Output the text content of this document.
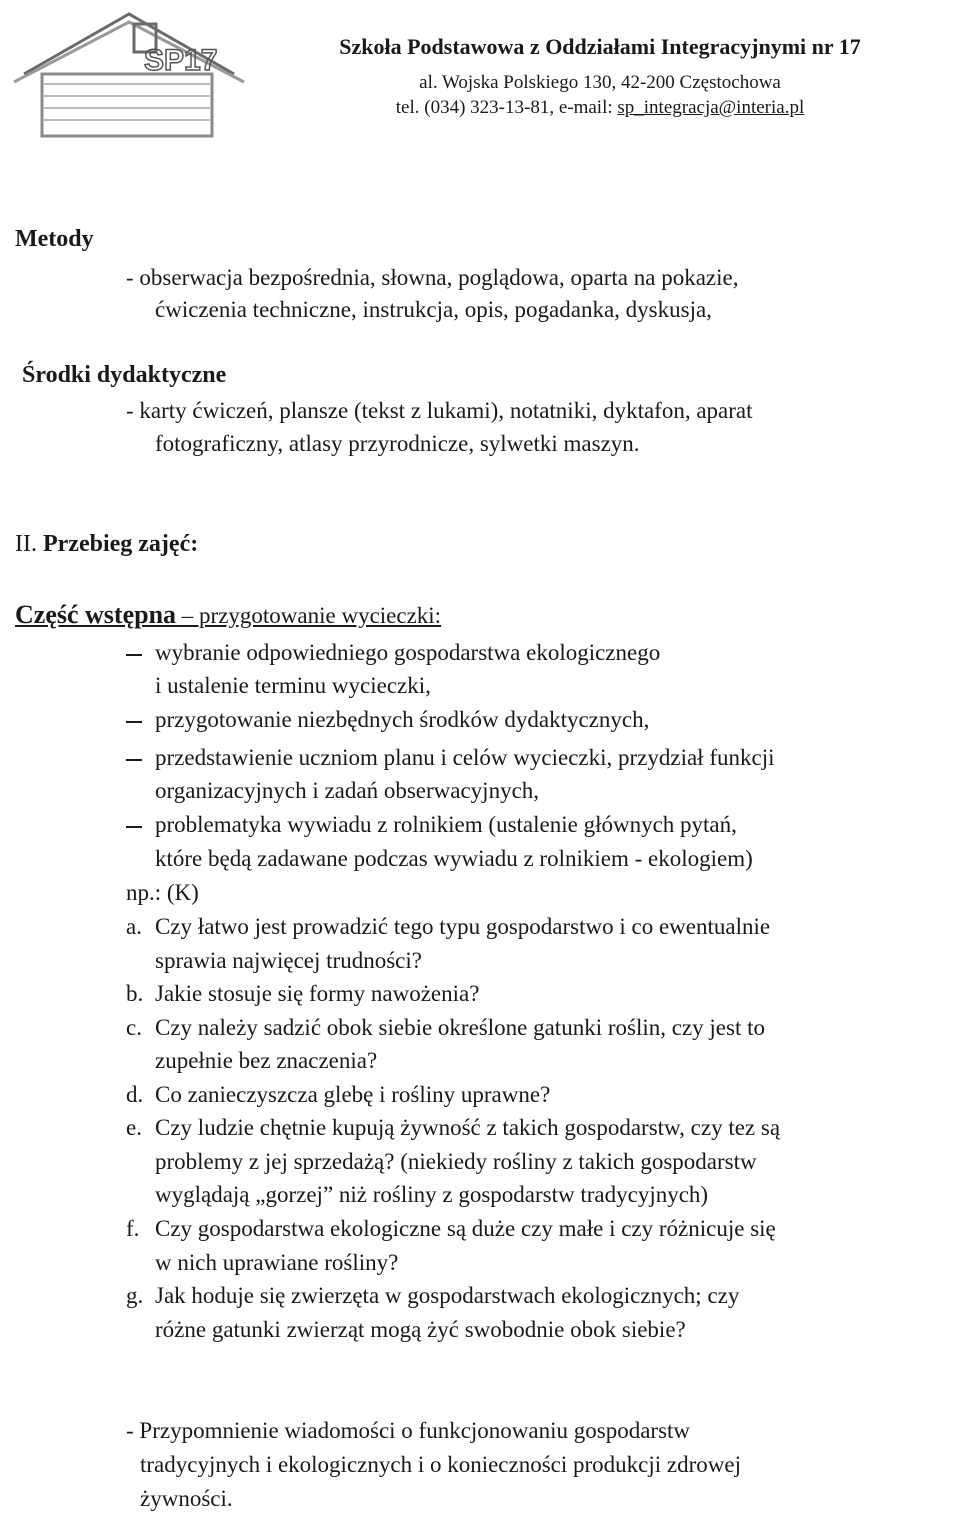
SP17	Szkoła Podstawowa z Oddziałami Integracyjnymi nr 17
al. Wojska Polskiego 130, 42-200 Częstochowa
tel. (034) 323-13-81, e-mail: sp_integracja@interia.pl
Metody
- obserwacja bezpośrednia, słowna, poglądowa, oparta na pokazie,
ćwiczenia techniczne, instrukcja, opis, pogadanka, dyskusja,
Środki dydaktyczne
- karty ćwiczeń, plansze (tekst z lukami), notatniki, dyktafon, aparat
fotograficzny, atlasy przyrodnicze, sylwetki maszyn.
II. Przebieg zajęć:
Część wstępna – przygotowanie wycieczki:
wybranie odpowiedniego gospodarstwa ekologicznego
i ustalenie terminu wycieczki,
przygotowanie niezbędnych środków dydaktycznych,
przedstawienie uczniom planu i celów wycieczki, przydział funkcji
organizacyjnych i zadań obserwacyjnych,
problematyka wywiadu z rolnikiem (ustalenie głównych pytań,
które będą zadawane podczas wywiadu z rolnikiem - ekologiem)
np.: (K)
a. Czy łatwo jest prowadzić tego typu gospodarstwo i co ewentualnie
sprawia najwięcej trudności?
b. Jakie stosuje się formy nawożenia?
c. Czy należy sadzić obok siebie określone gatunki roślin, czy jest to
zupełnie bez znaczenia?
d. Co zanieczyszcza glebę i rośliny uprawne?
e. Czy ludzie chętnie kupują żywność z takich gospodarstw, czy tez są
problemy z jej sprzedażą? (niekiedy rośliny z takich gospodarstw
wyglądają „gorzej” niż rośliny z gospodarstw tradycyjnych)
f. Czy gospodarstwa ekologiczne są duże czy małe i czy różnicuje się
w nich uprawiane rośliny?
g. Jak hoduje się zwierzęta w gospodarstwach ekologicznych; czy
różne gatunki zwierząt mogą żyć swobodnie obok siebie?
- Przypomnienie wiadomości o funkcjonowaniu gospodarstw
tradycyjnych i ekologicznych i o konieczności produkcji zdrowej
żywności.
